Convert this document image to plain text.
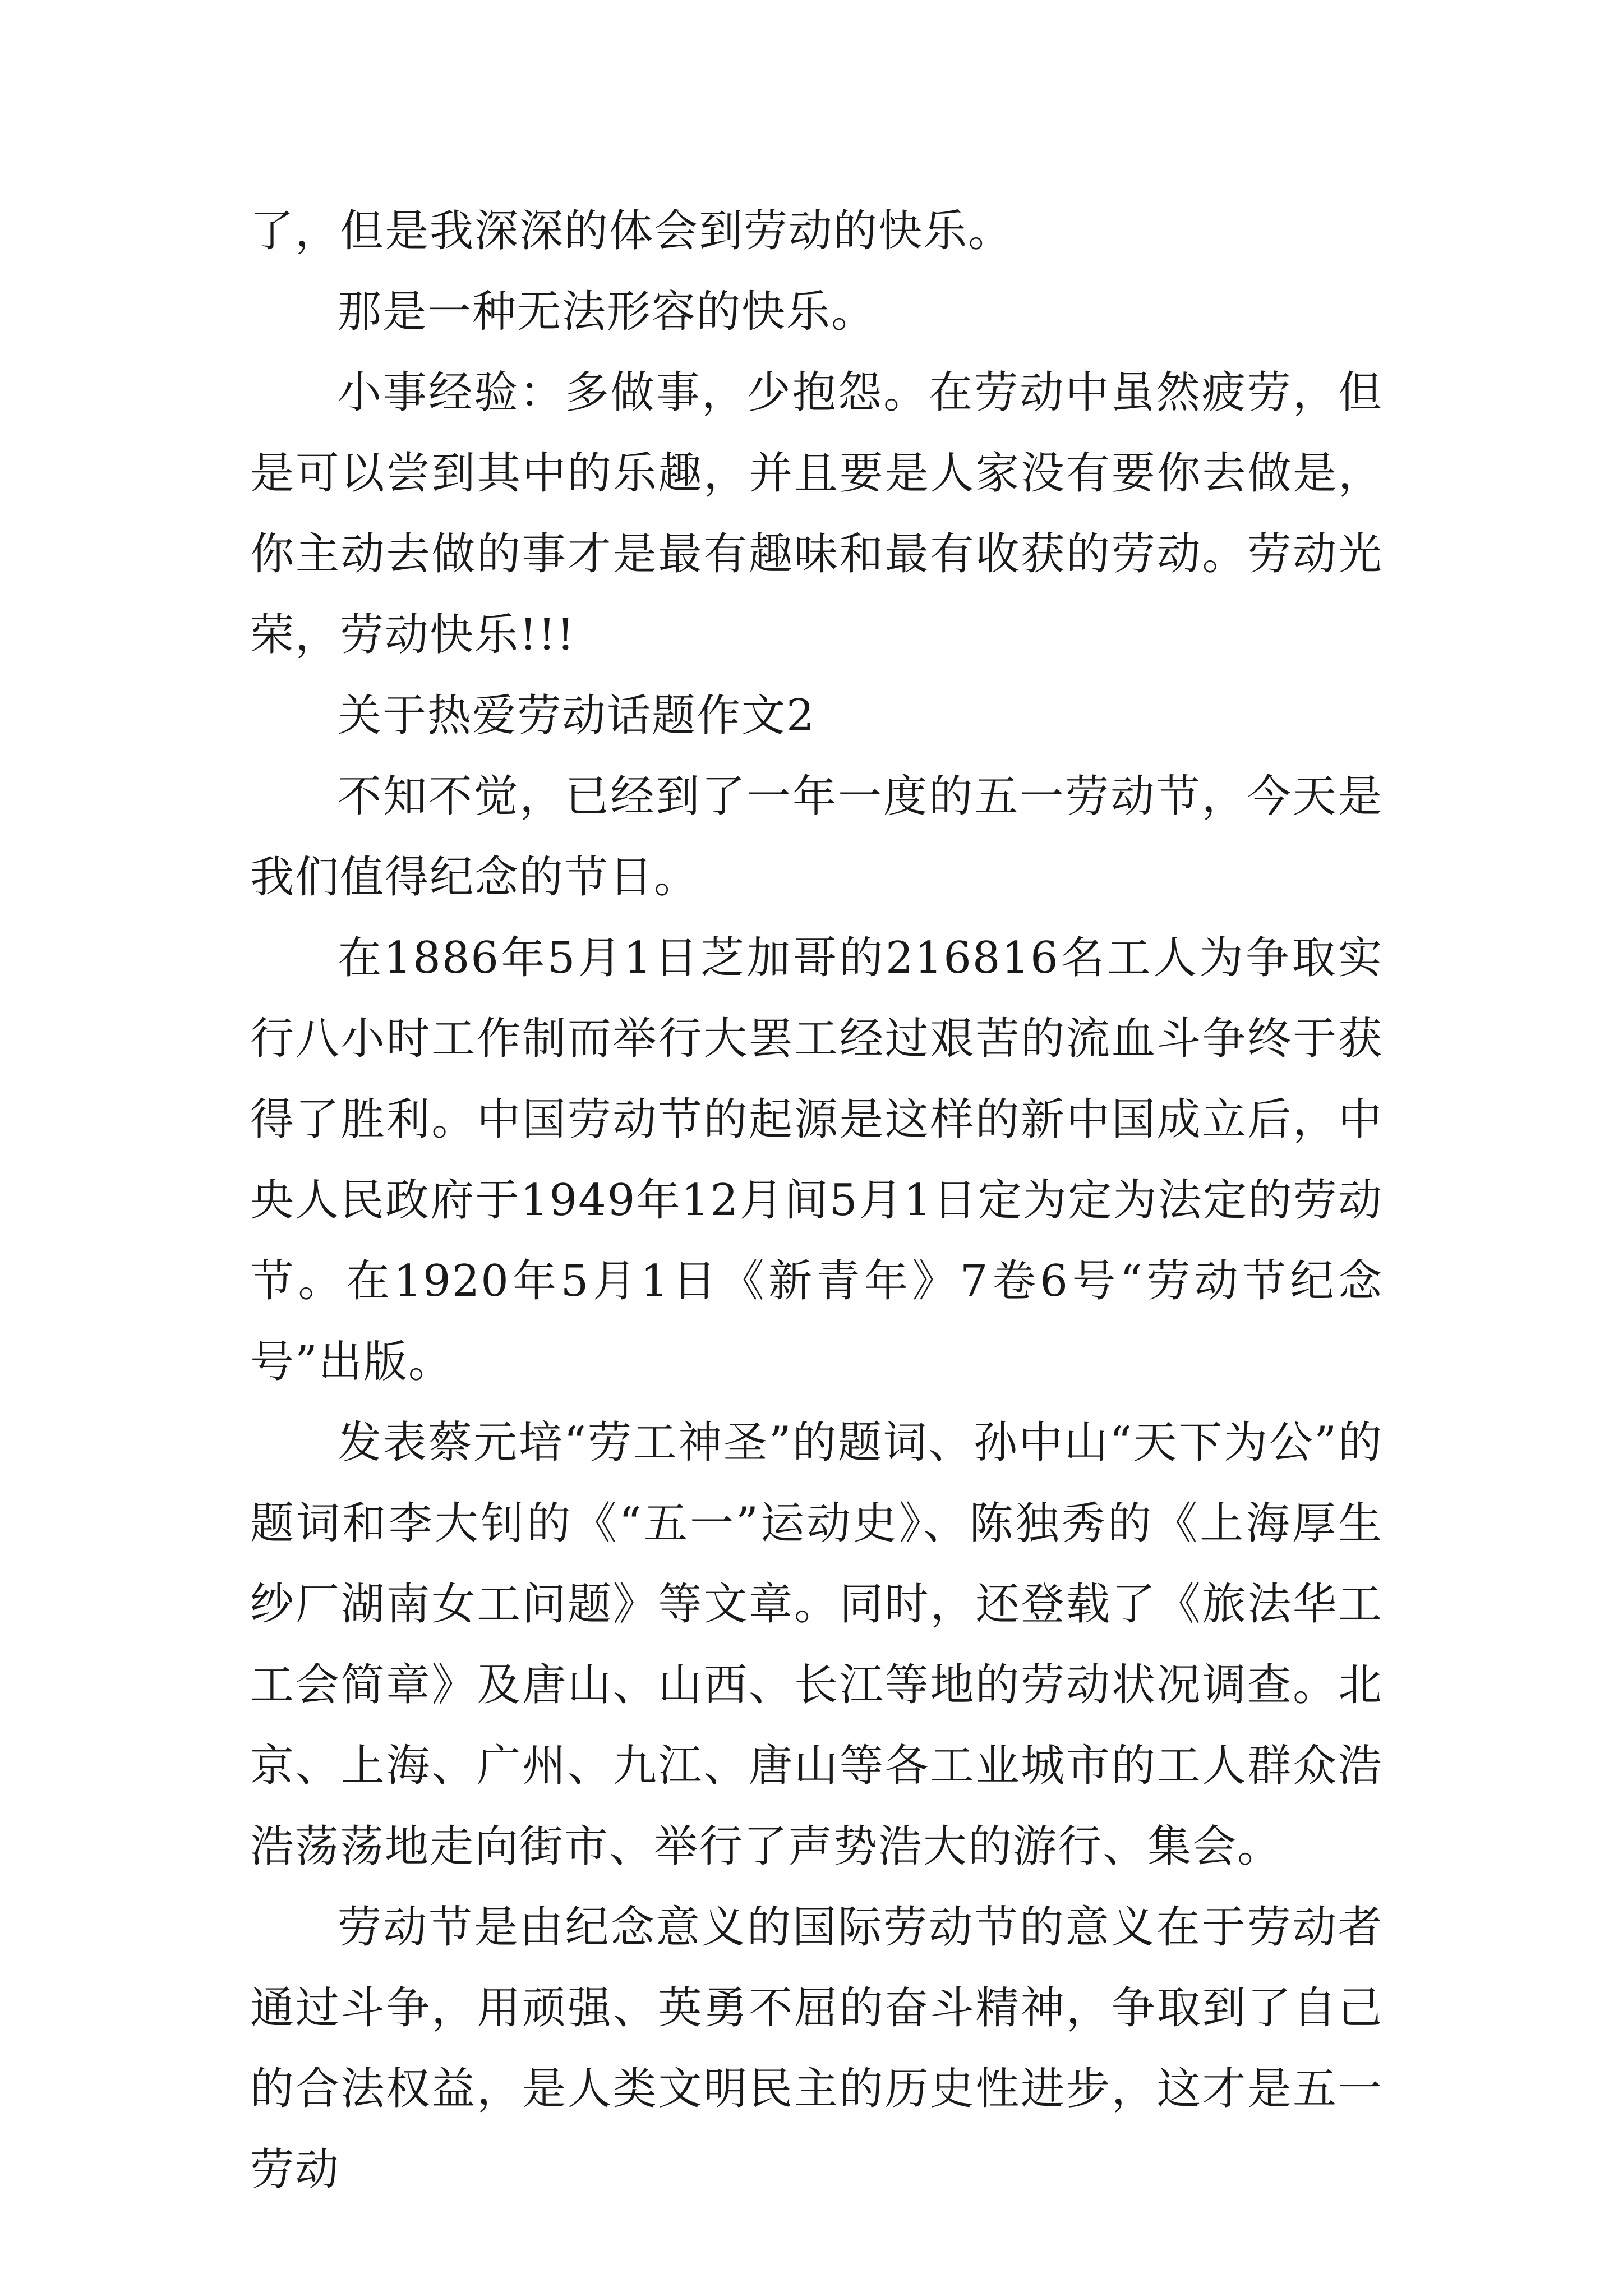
了，但是我深深的体会到劳动的快乐。

那是一种无法形容的快乐。

小事经验：多做事，少抱怨。在劳动中虽然疲劳，但是可以尝到其中的乐趣，并且要是人家没有要你去做是，你主动去做的事才是最有趣味和最有收获的劳动。劳动光荣，劳动快乐!!!

关于热爱劳动话题作文2

不知不觉，已经到了一年一度的五一劳动节，今天是我们值得纪念的节日。

在1886年5月1日芝加哥的216816名工人为争取实行八小时工作制而举行大罢工经过艰苦的流血斗争终于获得了胜利。中国劳动节的起源是这样的新中国成立后，中央人民政府于1949年12月间5月1日定为定为法定的劳动节。在1920年5月1日《新青年》7卷6号“劳动节纪念号”出版。

发表蔡元培“劳工神圣”的题词、孙中山“天下为公”的题词和李大钊的《“五一”运动史》、陈独秀的《上海厚生纱厂湖南女工问题》等文章。同时，还登载了《旅法华工工会简章》及唐山、山西、长江等地的劳动状况调查。北京、上海、广州、九江、唐山等各工业城市的工人群众浩浩荡荡地走向街市、举行了声势浩大的游行、集会。

劳动节是由纪念意义的国际劳动节的意义在于劳动者通过斗争，用顽强、英勇不屈的奋斗精神，争取到了自己的合法权益，是人类文明民主的历史性进步，这才是五一劳动
